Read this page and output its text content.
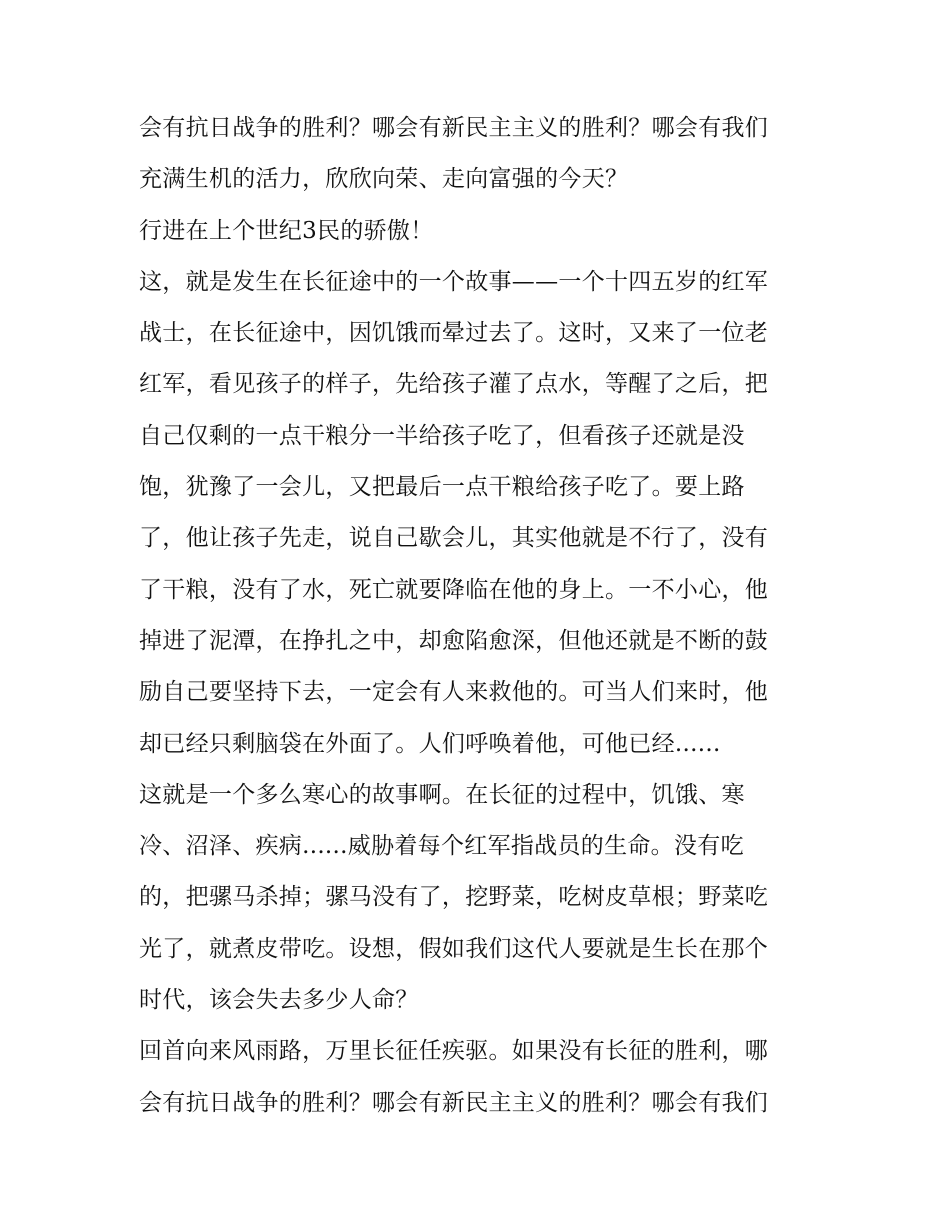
会有抗日战争的胜利？哪会有新民主主义的胜利？哪会有我们
充满生机的活力，欣欣向荣、走向富强的今天？
行进在上个世纪3民的骄傲！
这，就是发生在长征途中的一个故事——一个十四五岁的红军
战士，在长征途中，因饥饿而晕过去了。这时，又来了一位老
红军，看见孩子的样子，先给孩子灌了点水，等醒了之后，把
自己仅剩的一点干粮分一半给孩子吃了，但看孩子还就是没
饱，犹豫了一会儿，又把最后一点干粮给孩子吃了。要上路
了，他让孩子先走，说自己歇会儿，其实他就是不行了，没有
了干粮，没有了水，死亡就要降临在他的身上。一不小心，他
掉进了泥潭，在挣扎之中，却愈陷愈深，但他还就是不断的鼓
励自己要坚持下去，一定会有人来救他的。可当人们来时，他
却已经只剩脑袋在外面了。人们呼唤着他，可他已经......
这就是一个多么寒心的故事啊。在长征的过程中，饥饿、寒
冷、沼泽、疾病......威胁着每个红军指战员的生命。没有吃
的，把骡马杀掉；骡马没有了，挖野菜，吃树皮草根；野菜吃
光了，就煮皮带吃。设想，假如我们这代人要就是生长在那个
时代，该会失去多少人命？
回首向来风雨路，万里长征任疾驱。如果没有长征的胜利，哪
会有抗日战争的胜利？哪会有新民主主义的胜利？哪会有我们
